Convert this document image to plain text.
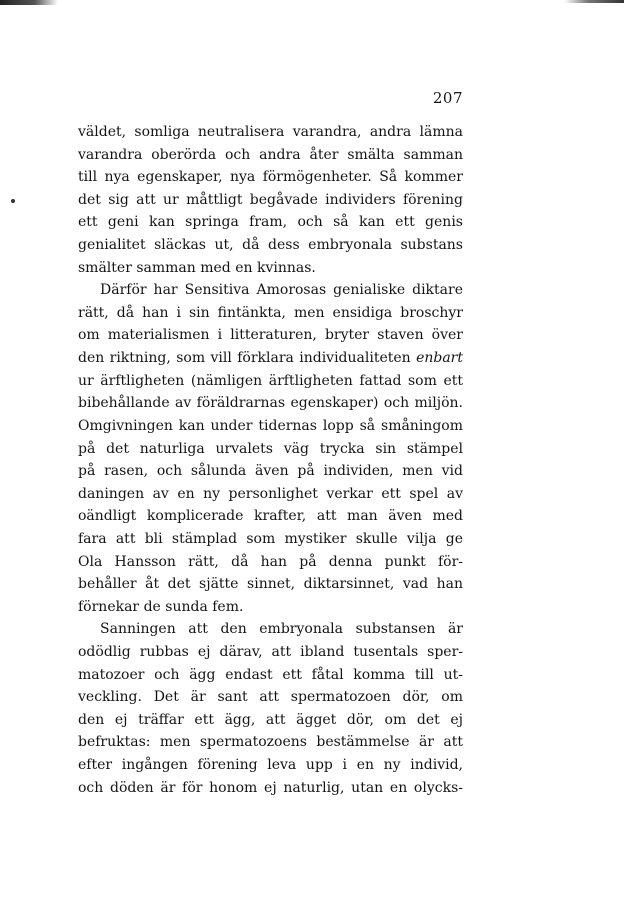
207
väldet, somliga neutralisera varandra, andra lämna
varandra oberörda och andra åter smälta samman
till nya egenskaper, nya förmögenheter. Så kommer
det sig att ur måttligt begåvade individers förening
ett geni kan springa fram, och så kan ett genis
genialitet släckas ut, då dess embryonala substans
smälter samman med en kvinnas.
Därför har Sensitiva Amorosas genialiske diktare
rätt, då han i sin fintänkta, men ensidiga broschyr
om materialismen i litteraturen, bryter staven över
den riktning, som vill förklara individualiteten enbart
ur ärftligheten (nämligen ärftligheten fattad som ett
bibehållande av föräldrarnas egenskaper) och miljön.
Omgivningen kan under tidernas lopp så småningom
på det naturliga urvalets väg trycka sin stämpel
på rasen, och sålunda även på individen, men vid
daningen av en ny personlighet verkar ett spel av
oändligt komplicerade krafter, att man även med
fara att bli stämplad som mystiker skulle vilja ge
Ola Hansson rätt, då han på denna punkt för-
behåller åt det sjätte sinnet, diktarsinnet, vad han
förnekar de sunda fem.
Sanningen att den embryonala substansen är
odödlig rubbas ej därav, att ibland tusentals sper-
matozoer och ägg endast ett fåtal komma till ut-
veckling. Det är sant att spermatozoen dör, om
den ej träffar ett ägg, att ägget dör, om det ej
befruktas: men spermatozoens bestämmelse är att
efter ingången förening leva upp i en ny individ,
och döden är för honom ej naturlig, utan en olycks-
